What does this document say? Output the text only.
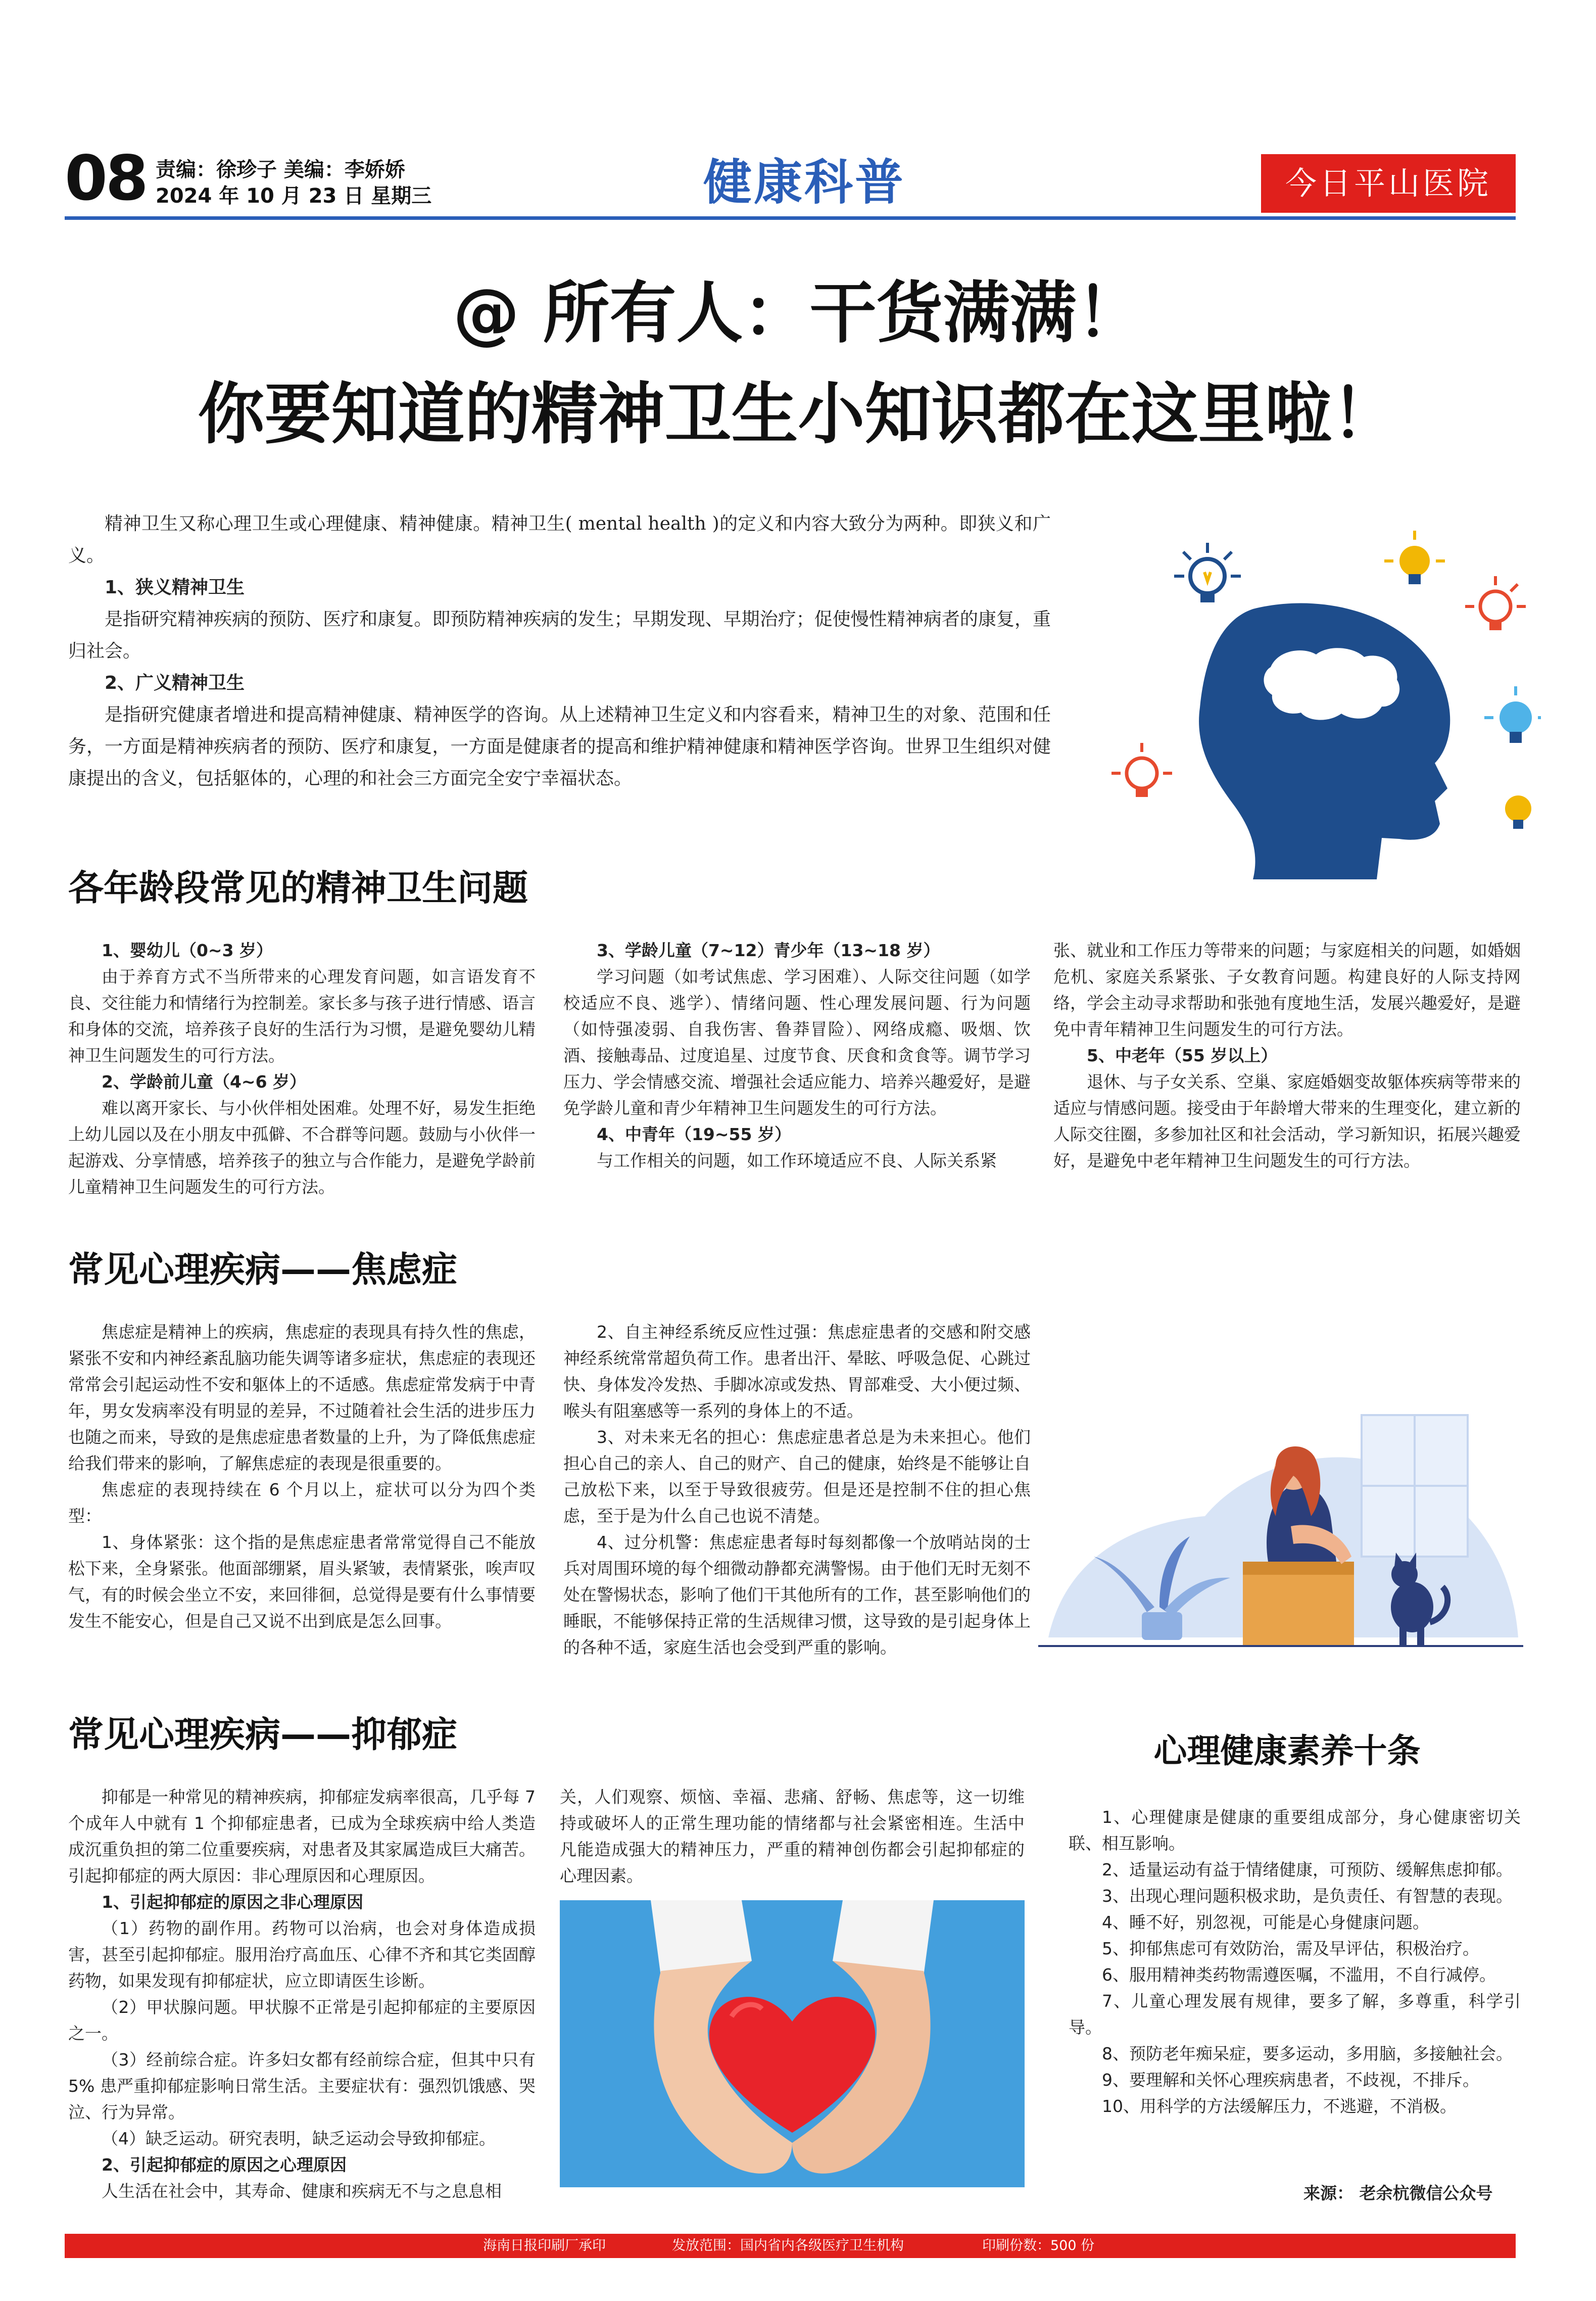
08 责编：徐珍子 美编：李娇娇
2024 年 10 月 23 日 星期三	健康科普	今日平山医院
@ 所有人：干货满满！
你要知道的精神卫生小知识都在这里啦！

精神卫生又称心理卫生或心理健康、精神健康。精神卫生( mental health )的定义和内容大致分为两种。即狭义和广义。

1、狭义精神卫生

是指研究精神疾病的预防、医疗和康复。即预防精神疾病的发生；早期发现、早期治疗；促使慢性精神病者的康复，重归社会。

2、广义精神卫生

是指研究健康者增进和提高精神健康、精神医学的咨询。从上述精神卫生定义和内容看来，精神卫生的对象、范围和任务，一方面是精神疾病者的预防、医疗和康复，一方面是健康者的提高和维护精神健康和精神医学咨询。世界卫生组织对健康提出的含义，包括躯体的，心理的和社会三方面完全安宁幸福状态。

各年龄段常见的精神卫生问题

1、婴幼儿（0~3 岁）

由于养育方式不当所带来的心理发育问题，如言语发育不良、交往能力和情绪行为控制差。家长多与孩子进行情感、语言和身体的交流，培养孩子良好的生活行为习惯，是避免婴幼儿精神卫生问题发生的可行方法。

2、学龄前儿童（4~6 岁）

难以离开家长、与小伙伴相处困难。处理不好，易发生拒绝上幼儿园以及在小朋友中孤僻、不合群等问题。鼓励与小伙伴一起游戏、分享情感，培养孩子的独立与合作能力，是避免学龄前儿童精神卫生问题发生的可行方法。

3、学龄儿童（7~12）青少年（13~18 岁）

学习问题（如考试焦虑、学习困难）、人际交往问题（如学校适应不良、逃学）、情绪问题、性心理发展问题、行为问题（如恃强凌弱、自我伤害、鲁莽冒险）、网络成瘾、吸烟、饮酒、接触毒品、过度追星、过度节食、厌食和贪食等。调节学习压力、学会情感交流、增强社会适应能力、培养兴趣爱好，是避免学龄儿童和青少年精神卫生问题发生的可行方法。

4、中青年（19~55 岁）

与工作相关的问题，如工作环境适应不良、人际关系紧

张、就业和工作压力等带来的问题；与家庭相关的问题，如婚姻危机、家庭关系紧张、子女教育问题。构建良好的人际支持网络，学会主动寻求帮助和张弛有度地生活，发展兴趣爱好，是避免中青年精神卫生问题发生的可行方法。

5、中老年（55 岁以上）

退休、与子女关系、空巢、家庭婚姻变故躯体疾病等带来的适应与情感问题。接受由于年龄增大带来的生理变化，建立新的人际交往圈，多参加社区和社会活动，学习新知识，拓展兴趣爱好，是避免中老年精神卫生问题发生的可行方法。

常见心理疾病——焦虑症

焦虑症是精神上的疾病，焦虑症的表现具有持久性的焦虑，紧张不安和内神经紊乱脑功能失调等诸多症状，焦虑症的表现还常常会引起运动性不安和躯体上的不适感。焦虑症常发病于中青年，男女发病率没有明显的差异，不过随着社会生活的进步压力也随之而来，导致的是焦虑症患者数量的上升，为了降低焦虑症给我们带来的影响，了解焦虑症的表现是很重要的。

焦虑症的表现持续在 6 个月以上，症状可以分为四个类型：

1、身体紧张：这个指的是焦虑症患者常常觉得自己不能放松下来，全身紧张。他面部绷紧，眉头紧皱，表情紧张，唉声叹气，有的时候会坐立不安，来回徘徊，总觉得是要有什么事情要发生不能安心，但是自己又说不出到底是怎么回事。

2、自主神经系统反应性过强：焦虑症患者的交感和附交感神经系统常常超负荷工作。患者出汗、晕眩、呼吸急促、心跳过快、身体发冷发热、手脚冰凉或发热、胃部难受、大小便过频、喉头有阻塞感等一系列的身体上的不适。

3、对未来无名的担心：焦虑症患者总是为未来担心。他们担心自己的亲人、自己的财产、自己的健康，始终是不能够让自己放松下来，以至于导致很疲劳。但是还是控制不住的担心焦虑，至于是为什么自己也说不清楚。

4、过分机警：焦虑症患者每时每刻都像一个放哨站岗的士兵对周围环境的每个细微动静都充满警惕。由于他们无时无刻不处在警惕状态，影响了他们干其他所有的工作，甚至影响他们的睡眠，不能够保持正常的生活规律习惯，这导致的是引起身体上的各种不适，家庭生活也会受到严重的影响。

常见心理疾病——抑郁症

抑郁是一种常见的精神疾病，抑郁症发病率很高，几乎每 7 个成年人中就有 1 个抑郁症患者，已成为全球疾病中给人类造成沉重负担的第二位重要疾病，对患者及其家属造成巨大痛苦。引起抑郁症的两大原因：非心理原因和心理原因。

1、引起抑郁症的原因之非心理原因

（1）药物的副作用。药物可以治病，也会对身体造成损害，甚至引起抑郁症。服用治疗高血压、心律不齐和其它类固醇药物，如果发现有抑郁症状，应立即请医生诊断。

（2）甲状腺问题。甲状腺不正常是引起抑郁症的主要原因之一。

（3）经前综合症。许多妇女都有经前综合症，但其中只有 5% 患严重抑郁症影响日常生活。主要症状有：强烈饥饿感、哭泣、行为异常。

（4）缺乏运动。研究表明，缺乏运动会导致抑郁症。

2、引起抑郁症的原因之心理原因

人生活在社会中，其寿命、健康和疾病无不与之息息相

关，人们观察、烦恼、幸福、悲痛、舒畅、焦虑等，这一切维持或破坏人的正常生理功能的情绪都与社会紧密相连。生活中凡能造成强大的精神压力，严重的精神创伤都会引起抑郁症的心理因素。

心理健康素养十条

1、心理健康是健康的重要组成部分，身心健康密切关联、相互影响。

2、适量运动有益于情绪健康，可预防、缓解焦虑抑郁。

3、出现心理问题积极求助，是负责任、有智慧的表现。

4、睡不好，别忽视，可能是心身健康问题。

5、抑郁焦虑可有效防治，需及早评估，积极治疗。

6、服用精神类药物需遵医嘱，不滥用，不自行减停。

7、儿童心理发展有规律，要多了解，多尊重，科学引导。

8、预防老年痴呆症，要多运动，多用脑，多接触社会。

9、要理解和关怀心理疾病患者，不歧视，不排斥。

10、用科学的方法缓解压力，不逃避，不消极。

来源： 老余杭微信公众号
海南日报印刷厂承印	发放范围：国内省内各级医疗卫生机构	印刷份数：500 份
